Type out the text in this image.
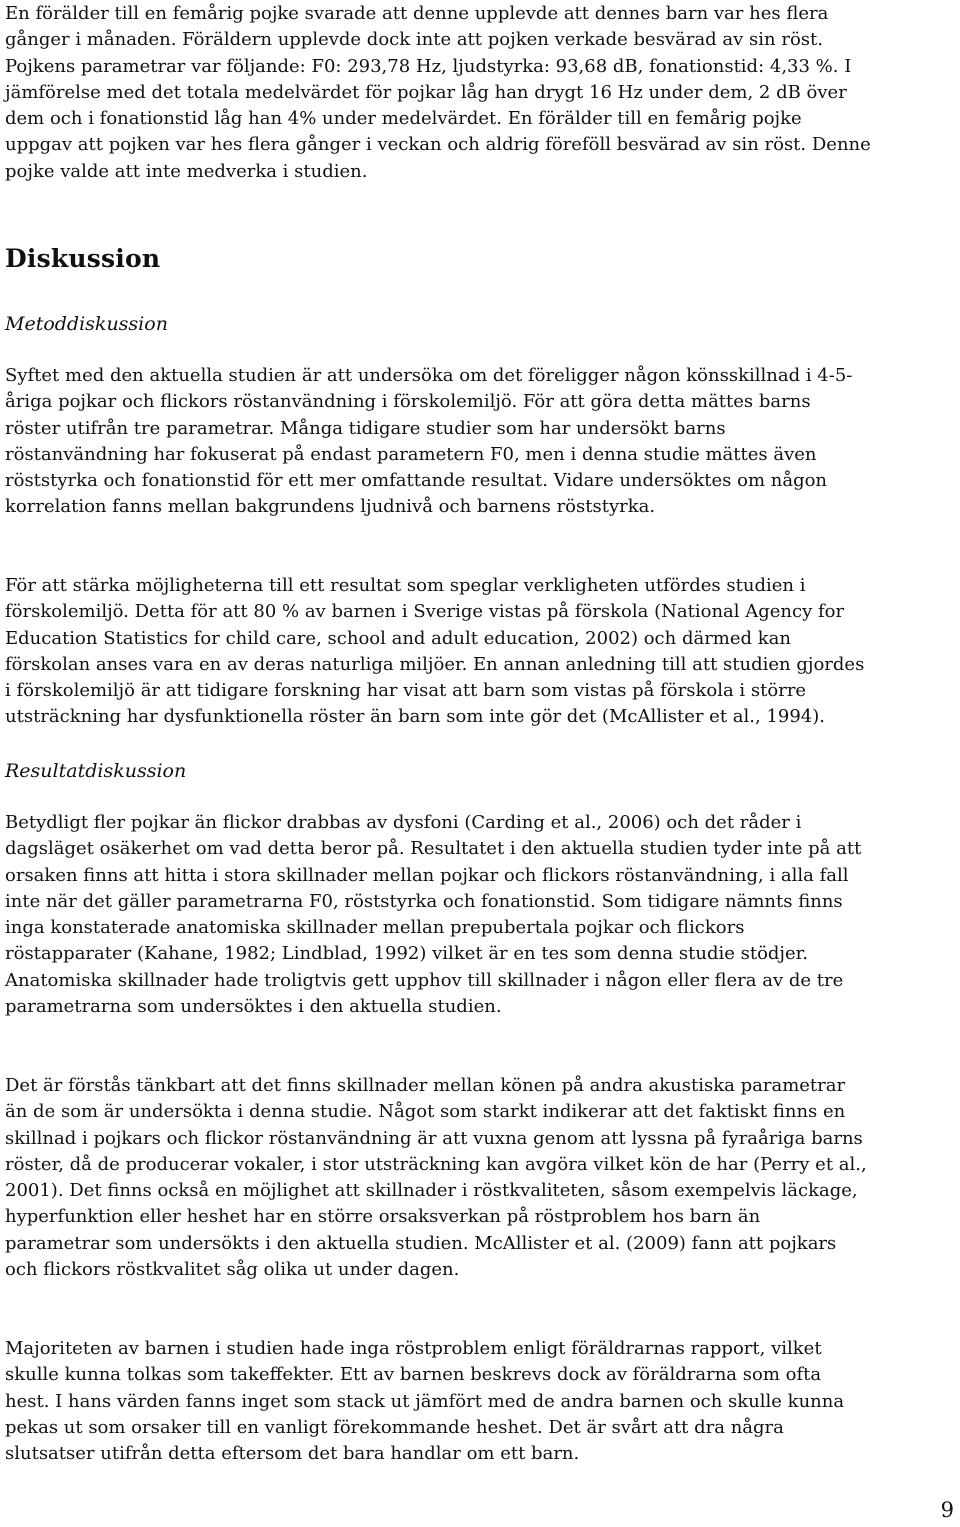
En förälder till en femårig pojke svarade att denne upplevde att dennes barn var hes flera
gånger i månaden. Föräldern upplevde dock inte att pojken verkade besvärad av sin röst.
Pojkens parametrar var följande: F0: 293,78 Hz, ljudstyrka: 93,68 dB, fonationstid: 4,33 %. I
jämförelse med det totala medelvärdet för pojkar låg han drygt 16 Hz under dem, 2 dB över
dem och i fonationstid låg han 4% under medelvärdet. En förälder till en femårig pojke
uppgav att pojken var hes flera gånger i veckan och aldrig föreföll besvärad av sin röst. Denne
pojke valde att inte medverka i studien.

Diskussion
Metoddiskussion

Syftet med den aktuella studien är att undersöka om det föreligger någon könsskillnad i 4-5-
åriga pojkar och flickors röstanvändning i förskolemiljö. För att göra detta mättes barns
röster utifrån tre parametrar. Många tidigare studier som har undersökt barns
röstanvändning har fokuserat på endast parametern F0, men i denna studie mättes även
röststyrka och fonationstid för ett mer omfattande resultat. Vidare undersöktes om någon
korrelation fanns mellan bakgrundens ljudnivå och barnens röststyrka.

För att stärka möjligheterna till ett resultat som speglar verkligheten utfördes studien i
förskolemiljö. Detta för att 80 % av barnen i Sverige vistas på förskola (National Agency for
Education Statistics for child care, school and adult education, 2002) och därmed kan
förskolan anses vara en av deras naturliga miljöer. En annan anledning till att studien gjordes
i förskolemiljö är att tidigare forskning har visat att barn som vistas på förskola i större
utsträckning har dysfunktionella röster än barn som inte gör det (McAllister et al., 1994).

Resultatdiskussion

Betydligt fler pojkar än flickor drabbas av dysfoni (Carding et al., 2006) och det råder i
dagsläget osäkerhet om vad detta beror på. Resultatet i den aktuella studien tyder inte på att
orsaken finns att hitta i stora skillnader mellan pojkar och flickors röstanvändning, i alla fall
inte när det gäller parametrarna F0, röststyrka och fonationstid. Som tidigare nämnts finns
inga konstaterade anatomiska skillnader mellan prepubertala pojkar och flickors
röstapparater (Kahane, 1982; Lindblad, 1992) vilket är en tes som denna studie stödjer.
Anatomiska skillnader hade troligtvis gett upphov till skillnader i någon eller flera av de tre
parametrarna som undersöktes i den aktuella studien.

Det är förstås tänkbart att det finns skillnader mellan könen på andra akustiska parametrar
än de som är undersökta i denna studie. Något som starkt indikerar att det faktiskt finns en
skillnad i pojkars och flickor röstanvändning är att vuxna genom att lyssna på fyraåriga barns
röster, då de producerar vokaler, i stor utsträckning kan avgöra vilket kön de har (Perry et al.,
2001). Det finns också en möjlighet att skillnader i röstkvaliteten, såsom exempelvis läckage,
hyperfunktion eller heshet har en större orsaksverkan på röstproblem hos barn än
parametrar som undersökts i den aktuella studien. McAllister et al. (2009) fann att pojkars
och flickors röstkvalitet såg olika ut under dagen.

Majoriteten av barnen i studien hade inga röstproblem enligt föräldrarnas rapport, vilket
skulle kunna tolkas som takeffekter. Ett av barnen beskrevs dock av föräldrarna som ofta
hest. I hans värden fanns inget som stack ut jämfört med de andra barnen och skulle kunna
pekas ut som orsaker till en vanligt förekommande heshet. Det är svårt att dra några
slutsatser utifrån detta eftersom det bara handlar om ett barn.

9
